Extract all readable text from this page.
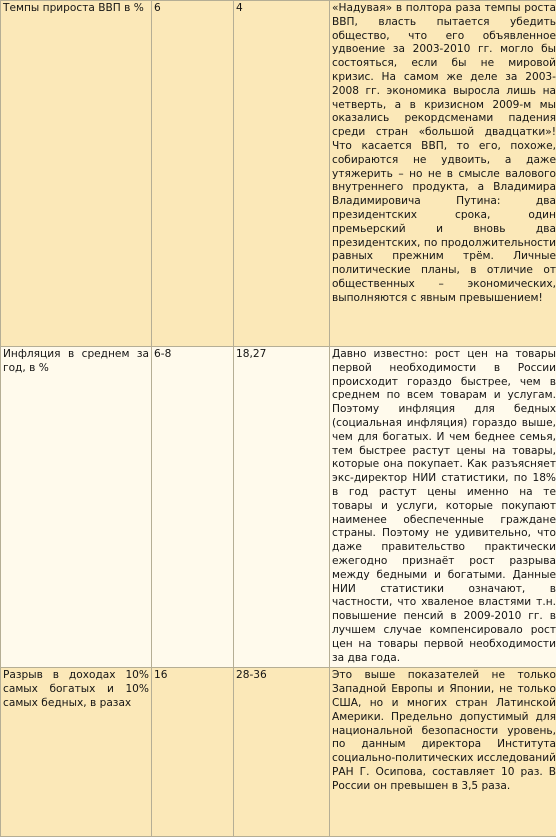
Темпы прироста ВВП в %	6	4	«Надувая» в полтора раза темпы роста ВВП, власть пытается убедить общество, что его объявленное удвоение за 2003-2010 гг. могло бы состояться, если бы не мировой кризис. На самом же деле за 2003-2008 гг. экономика выросла лишь на четверть, а в кризисном 2009-м мы оказались рекордсменами падения среди стран «большой двадцатки»! Что касается ВВП, то его, похоже, собираются не удвоить, а даже утяжерить – но не в смысле валового внутреннего продукта, а Владимира Владимировича Путина: два президентских срока, один премьерский и вновь два президентских, по продолжительности равных прежним трём. Личные политические планы, в отличие от общественных – экономических, выполняются с явным превышением!
Инфляция в среднем за год, в %	6-8	18,27	Давно известно: рост цен на товары первой необходимости в России происходит гораздо быстрее, чем в среднем по всем товарам и услугам. Поэтому инфляция для бедных (социальная инфляция) гораздо выше, чем для богатых. И чем беднее семья, тем быстрее растут цены на товары, которые она покупает. Как разъясняет экс-директор НИИ статистики, по 18% в год растут цены именно на те товары и услуги, которые покупают наименее обеспеченные граждане страны. Поэтому не удивительно, что даже правительство практически ежегодно признаёт рост разрыва между бедными и богатыми. Данные НИИ статистики означают, в частности, что хваленое властями т.н. повышение пенсий в 2009-2010 гг. в лучшем случае компенсировало рост цен на товары первой необходимости за два года.
Разрыв в доходах 10% самых богатых и 10% самых бедных, в разах	16	28-36	Это выше показателей не только Западной Европы и Японии, не только США, но и многих стран Латинской Америки. Предельно допустимый для национальной безопасности уровень, по данным директора Института социально-политических исследований РАН Г. Осипова, составляет 10 раз. В России он превышен в 3,5 раза.
